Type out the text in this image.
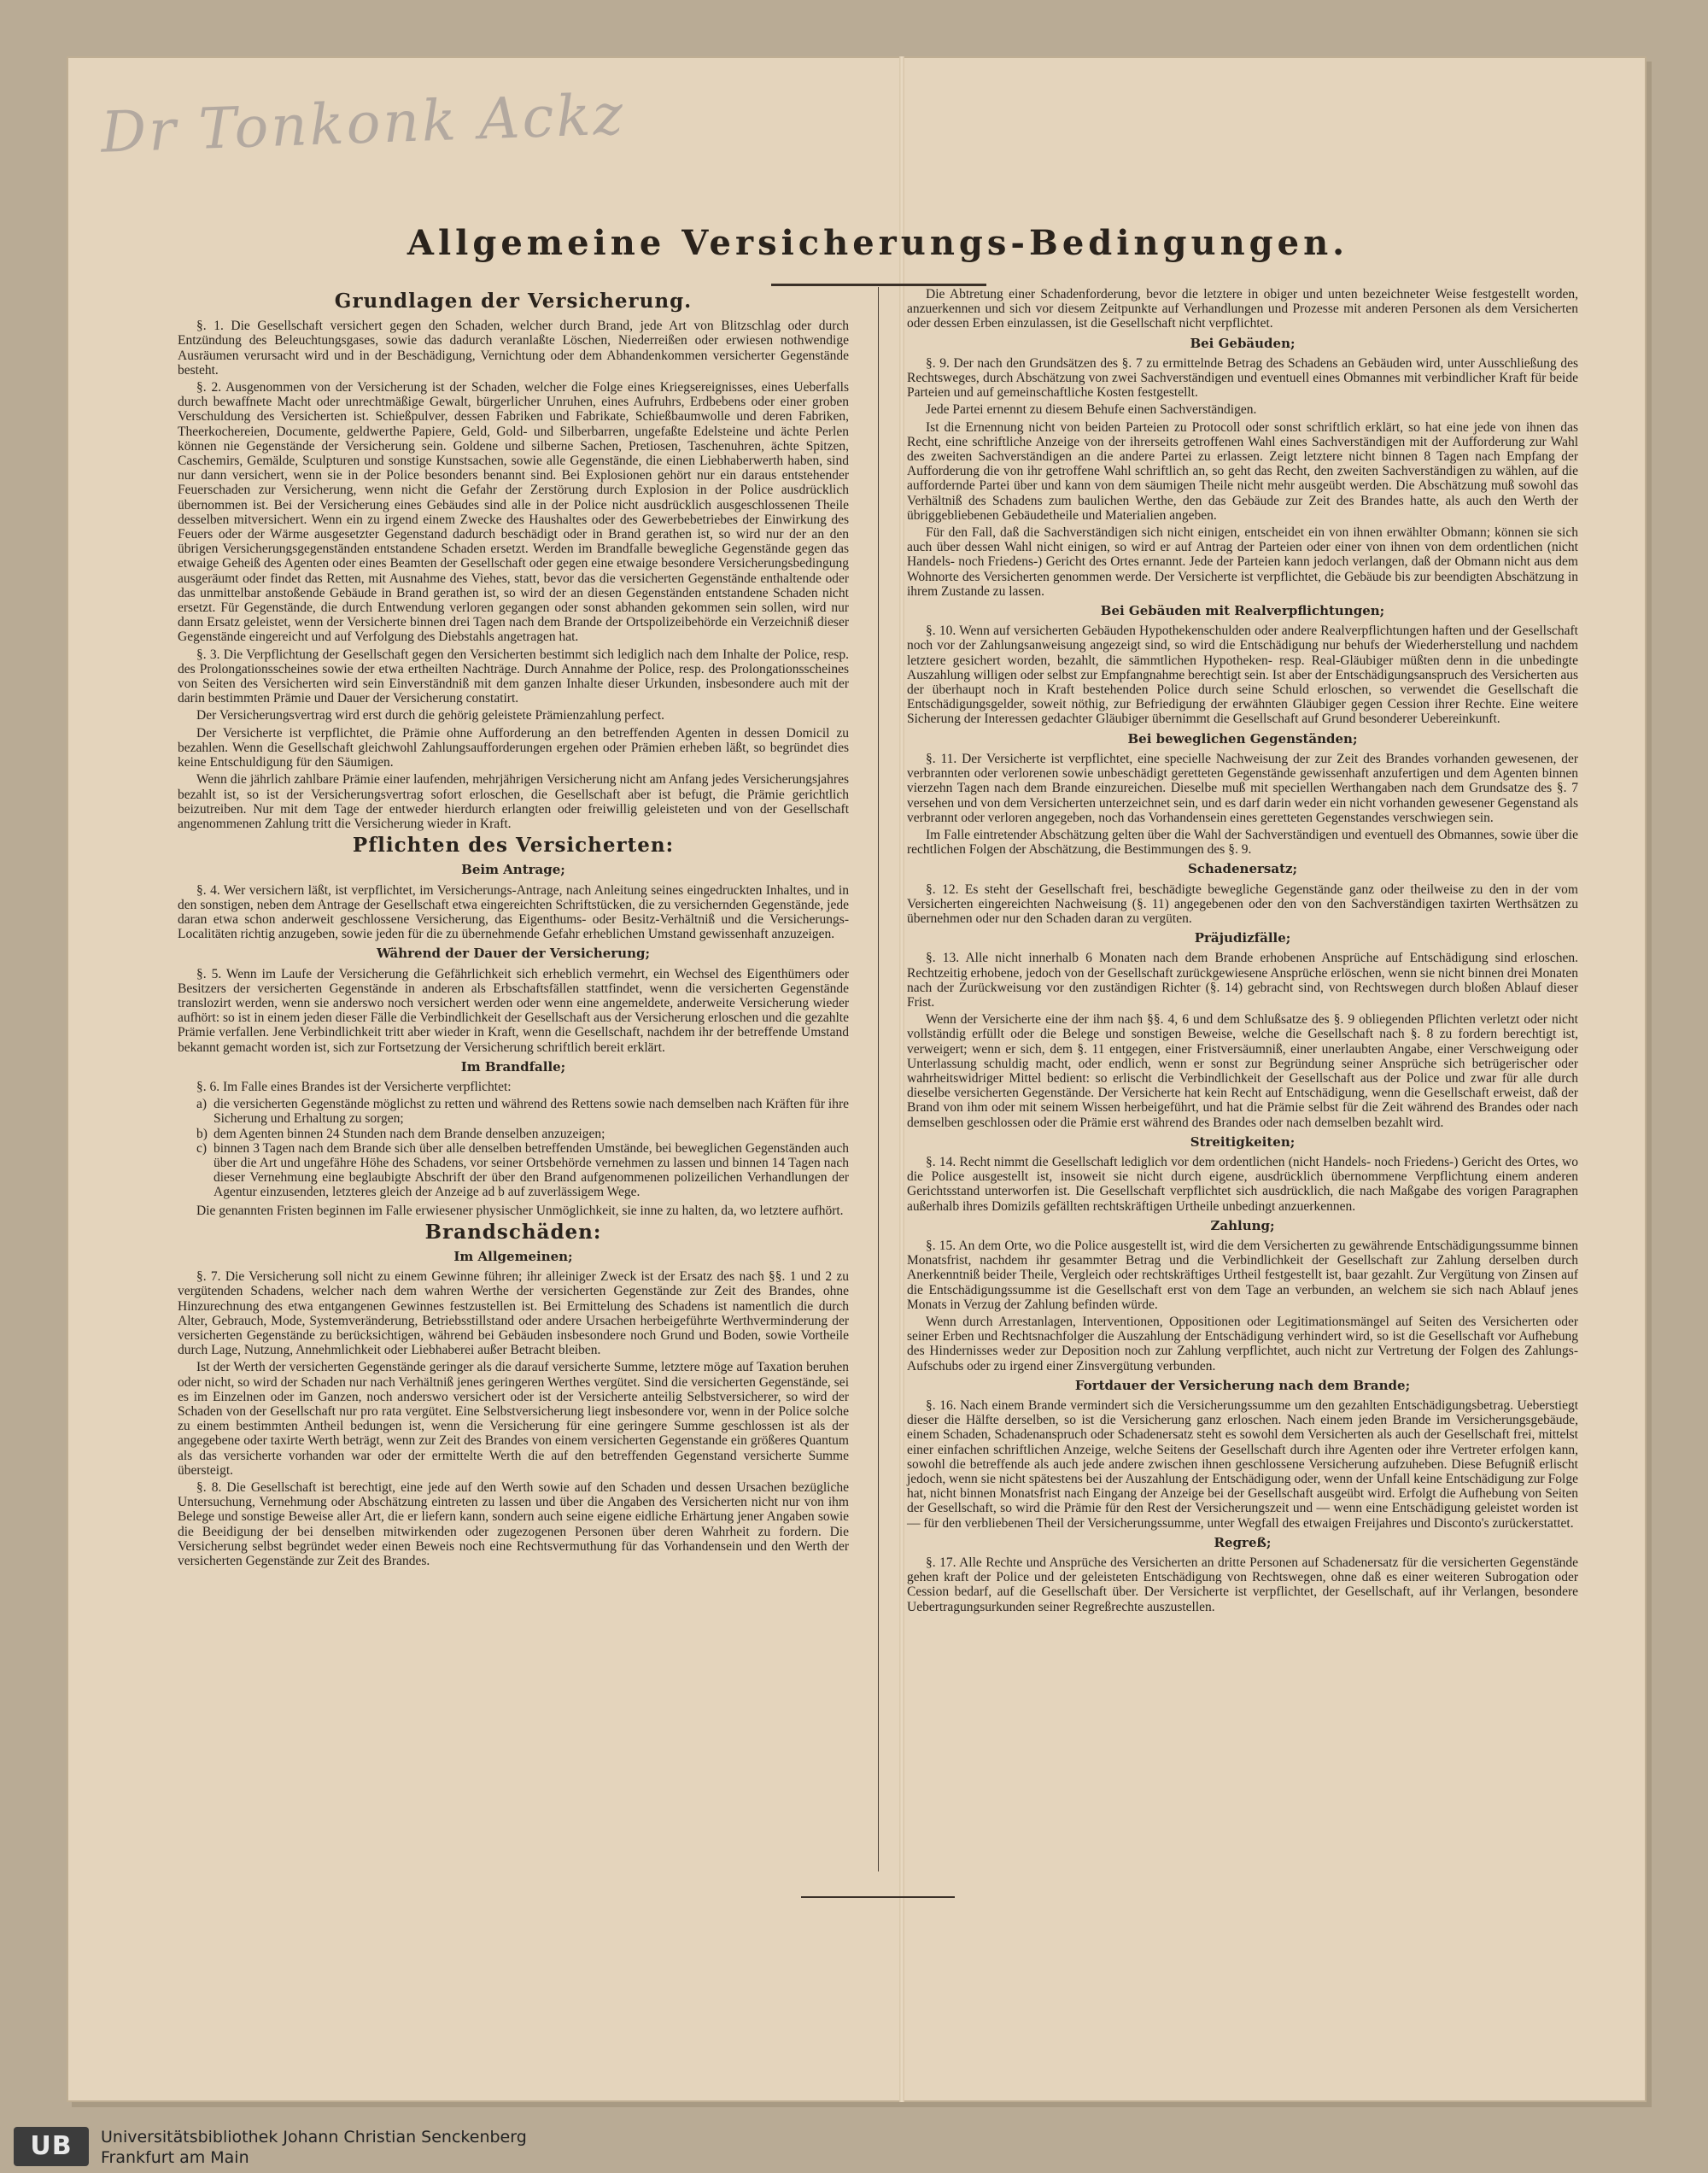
Dr Tonkonk Ackz
Allgemeine Versicherungs-Bedingungen.
Grundlagen der Versicherung.

§. 1. Die Gesellschaft versichert gegen den Schaden, welcher durch Brand, jede Art von Blitzschlag oder durch Entzündung des Beleuchtungsgases, sowie das dadurch veranlaßte Löschen, Niederreißen oder erwiesen nothwendige Ausräumen verursacht wird und in der Beschädigung, Vernichtung oder dem Abhandenkommen versicherter Gegenstände besteht.

§. 2. Ausgenommen von der Versicherung ist der Schaden, welcher die Folge eines Kriegsereignisses, eines Ueberfalls durch bewaffnete Macht oder unrechtmäßige Gewalt, bürgerlicher Unruhen, eines Aufruhrs, Erdbebens oder einer groben Verschuldung des Versicherten ist. Schießpulver, dessen Fabriken und Fabrikate, Schießbaumwolle und deren Fabriken, Theerkochereien, Documente, geldwerthe Papiere, Geld, Gold- und Silberbarren, ungefaßte Edelsteine und ächte Perlen können nie Gegenstände der Versicherung sein. Goldene und silberne Sachen, Pretiosen, Taschenuhren, ächte Spitzen, Caschemirs, Gemälde, Sculpturen und sonstige Kunstsachen, sowie alle Gegenstände, die einen Liebhaberwerth haben, sind nur dann versichert, wenn sie in der Police besonders benannt sind. Bei Explosionen gehört nur ein daraus entstehender Feuerschaden zur Versicherung, wenn nicht die Gefahr der Zerstörung durch Explosion in der Police ausdrücklich übernommen ist. Bei der Versicherung eines Gebäudes sind alle in der Police nicht ausdrücklich ausgeschlossenen Theile desselben mitversichert. Wenn ein zu irgend einem Zwecke des Haushaltes oder des Gewerbebetriebes der Einwirkung des Feuers oder der Wärme ausgesetzter Gegenstand dadurch beschädigt oder in Brand gerathen ist, so wird nur der an den übrigen Versicherungsgegenständen entstandene Schaden ersetzt. Werden im Brandfalle bewegliche Gegenstände gegen das etwaige Geheiß des Agenten oder eines Beamten der Gesellschaft oder gegen eine etwaige besondere Versicherungsbedingung ausgeräumt oder findet das Retten, mit Ausnahme des Viehes, statt, bevor das die versicherten Gegenstände enthaltende oder das unmittelbar anstoßende Gebäude in Brand gerathen ist, so wird der an diesen Gegenständen entstandene Schaden nicht ersetzt. Für Gegenstände, die durch Entwendung verloren gegangen oder sonst abhanden gekommen sein sollen, wird nur dann Ersatz geleistet, wenn der Versicherte binnen drei Tagen nach dem Brande der Ortspolizeibehörde ein Verzeichniß dieser Gegenstände eingereicht und auf Verfolgung des Diebstahls angetragen hat.

§. 3. Die Verpflichtung der Gesellschaft gegen den Versicherten bestimmt sich lediglich nach dem Inhalte der Police, resp. des Prolongationsscheines sowie der etwa ertheilten Nachträge. Durch Annahme der Police, resp. des Prolongationsscheines von Seiten des Versicherten wird sein Einverständniß mit dem ganzen Inhalte dieser Urkunden, insbesondere auch mit der darin bestimmten Prämie und Dauer der Versicherung constatirt.

Der Versicherungsvertrag wird erst durch die gehörig geleistete Prämienzahlung perfect.

Der Versicherte ist verpflichtet, die Prämie ohne Aufforderung an den betreffenden Agenten in dessen Domicil zu bezahlen. Wenn die Gesellschaft gleichwohl Zahlungsaufforderungen ergehen oder Prämien erheben läßt, so begründet dies keine Entschuldigung für den Säumigen.

Wenn die jährlich zahlbare Prämie einer laufenden, mehrjährigen Versicherung nicht am Anfang jedes Versicherungsjahres bezahlt ist, so ist der Versicherungsvertrag sofort erloschen, die Gesellschaft aber ist befugt, die Prämie gerichtlich beizutreiben. Nur mit dem Tage der entweder hierdurch erlangten oder freiwillig geleisteten und von der Gesellschaft angenommenen Zahlung tritt die Versicherung wieder in Kraft.

Pflichten des Versicherten:
Beim Antrage;

§. 4. Wer versichern läßt, ist verpflichtet, im Versicherungs-Antrage, nach Anleitung seines eingedruckten Inhaltes, und in den sonstigen, neben dem Antrage der Gesellschaft etwa eingereichten Schriftstücken, die zu versichernden Gegenstände, jede daran etwa schon anderweit geschlossene Versicherung, das Eigenthums- oder Besitz-Verhältniß und die Versicherungs-Localitäten richtig anzugeben, sowie jeden für die zu übernehmende Gefahr erheblichen Umstand gewissenhaft anzuzeigen.

Während der Dauer der Versicherung;

§. 5. Wenn im Laufe der Versicherung die Gefährlichkeit sich erheblich vermehrt, ein Wechsel des Eigenthümers oder Besitzers der versicherten Gegenstände in anderen als Erbschaftsfällen stattfindet, wenn die versicherten Gegenstände translozirt werden, wenn sie anderswo noch versichert werden oder wenn eine angemeldete, anderweite Versicherung wieder aufhört: so ist in einem jeden dieser Fälle die Verbindlichkeit der Gesellschaft aus der Versicherung erloschen und die gezahlte Prämie verfallen. Jene Verbindlichkeit tritt aber wieder in Kraft, wenn die Gesellschaft, nachdem ihr der betreffende Umstand bekannt gemacht worden ist, sich zur Fortsetzung der Versicherung schriftlich bereit erklärt.

Im Brandfalle;

§. 6. Im Falle eines Brandes ist der Versicherte verpflichtet:

a) die versicherten Gegenstände möglichst zu retten und während des Rettens sowie nach demselben nach Kräften für ihre Sicherung und Erhaltung zu sorgen;
b) dem Agenten binnen 24 Stunden nach dem Brande denselben anzuzeigen;
c) binnen 3 Tagen nach dem Brande sich über alle denselben betreffenden Umstände, bei beweglichen Gegenständen auch über die Art und ungefähre Höhe des Schadens, vor seiner Ortsbehörde vernehmen zu lassen und binnen 14 Tagen nach dieser Vernehmung eine beglaubigte Abschrift der über den Brand aufgenommenen polizeilichen Verhandlungen der Agentur einzusenden, letzteres gleich der Anzeige ad b auf zuverlässigem Wege.

Die genannten Fristen beginnen im Falle erwiesener physischer Unmöglichkeit, sie inne zu halten, da, wo letztere aufhört.

Brandschäden:
Im Allgemeinen;

§. 7. Die Versicherung soll nicht zu einem Gewinne führen; ihr alleiniger Zweck ist der Ersatz des nach §§. 1 und 2 zu vergütenden Schadens, welcher nach dem wahren Werthe der versicherten Gegenstände zur Zeit des Brandes, ohne Hinzurechnung des etwa entgangenen Gewinnes festzustellen ist. Bei Ermittelung des Schadens ist namentlich die durch Alter, Gebrauch, Mode, Systemveränderung, Betriebsstillstand oder andere Ursachen herbeigeführte Werthverminderung der versicherten Gegenstände zu berücksichtigen, während bei Gebäuden insbesondere noch Grund und Boden, sowie Vortheile durch Lage, Nutzung, Annehmlichkeit oder Liebhaberei außer Betracht bleiben.

Ist der Werth der versicherten Gegenstände geringer als die darauf versicherte Summe, letztere möge auf Taxation beruhen oder nicht, so wird der Schaden nur nach Verhältniß jenes geringeren Werthes vergütet. Sind die versicherten Gegenstände, sei es im Einzelnen oder im Ganzen, noch anderswo versichert oder ist der Versicherte anteilig Selbstversicherer, so wird der Schaden von der Gesellschaft nur pro rata vergütet. Eine Selbstversicherung liegt insbesondere vor, wenn in der Police solche zu einem bestimmten Antheil bedungen ist, wenn die Versicherung für eine geringere Summe geschlossen ist als der angegebene oder taxirte Werth beträgt, wenn zur Zeit des Brandes von einem versicherten Gegenstande ein größeres Quantum als das versicherte vorhanden war oder der ermittelte Werth die auf den betreffenden Gegenstand versicherte Summe übersteigt.

§. 8. Die Gesellschaft ist berechtigt, eine jede auf den Werth sowie auf den Schaden und dessen Ursachen bezügliche Untersuchung, Vernehmung oder Abschätzung eintreten zu lassen und über die Angaben des Versicherten nicht nur von ihm Belege und sonstige Beweise aller Art, die er liefern kann, sondern auch seine eigene eidliche Erhärtung jener Angaben sowie die Beeidigung der bei denselben mitwirkenden oder zugezogenen Personen über deren Wahrheit zu fordern. Die Versicherung selbst begründet weder einen Beweis noch eine Rechtsvermuthung für das Vorhandensein und den Werth der versicherten Gegenstände zur Zeit des Brandes.

Die Abtretung einer Schadenforderung, bevor die letztere in obiger und unten bezeichneter Weise festgestellt worden, anzuerkennen und sich vor diesem Zeitpunkte auf Verhandlungen und Prozesse mit anderen Personen als dem Versicherten oder dessen Erben einzulassen, ist die Gesellschaft nicht verpflichtet.

Bei Gebäuden;

§. 9. Der nach den Grundsätzen des §. 7 zu ermittelnde Betrag des Schadens an Gebäuden wird, unter Ausschließung des Rechtsweges, durch Abschätzung von zwei Sachverständigen und eventuell eines Obmannes mit verbindlicher Kraft für beide Parteien und auf gemeinschaftliche Kosten festgestellt.

Jede Partei ernennt zu diesem Behufe einen Sachverständigen.

Ist die Ernennung nicht von beiden Parteien zu Protocoll oder sonst schriftlich erklärt, so hat eine jede von ihnen das Recht, eine schriftliche Anzeige von der ihrerseits getroffenen Wahl eines Sachverständigen mit der Aufforderung zur Wahl des zweiten Sachverständigen an die andere Partei zu erlassen. Zeigt letztere nicht binnen 8 Tagen nach Empfang der Aufforderung die von ihr getroffene Wahl schriftlich an, so geht das Recht, den zweiten Sachverständigen zu wählen, auf die auffordernde Partei über und kann von dem säumigen Theile nicht mehr ausgeübt werden. Die Abschätzung muß sowohl das Verhältniß des Schadens zum baulichen Werthe, den das Gebäude zur Zeit des Brandes hatte, als auch den Werth der übriggebliebenen Gebäudetheile und Materialien angeben.

Für den Fall, daß die Sachverständigen sich nicht einigen, entscheidet ein von ihnen erwählter Obmann; können sie sich auch über dessen Wahl nicht einigen, so wird er auf Antrag der Parteien oder einer von ihnen von dem ordentlichen (nicht Handels- noch Friedens-) Gericht des Ortes ernannt. Jede der Parteien kann jedoch verlangen, daß der Obmann nicht aus dem Wohnorte des Versicherten genommen werde. Der Versicherte ist verpflichtet, die Gebäude bis zur beendigten Abschätzung in ihrem Zustande zu lassen.

Bei Gebäuden mit Realverpflichtungen;

§. 10. Wenn auf versicherten Gebäuden Hypothekenschulden oder andere Realverpflichtungen haften und der Gesellschaft noch vor der Zahlungsanweisung angezeigt sind, so wird die Entschädigung nur behufs der Wiederherstellung und nachdem letztere gesichert worden, bezahlt, die sämmtlichen Hypotheken- resp. Real-Gläubiger müßten denn in die unbedingte Auszahlung willigen oder selbst zur Empfangnahme berechtigt sein. Ist aber der Entschädigungsanspruch des Versicherten aus der überhaupt noch in Kraft bestehenden Police durch seine Schuld erloschen, so verwendet die Gesellschaft die Entschädigungsgelder, soweit nöthig, zur Befriedigung der erwähnten Gläubiger gegen Cession ihrer Rechte. Eine weitere Sicherung der Interessen gedachter Gläubiger übernimmt die Gesellschaft auf Grund besonderer Uebereinkunft.

Bei beweglichen Gegenständen;

§. 11. Der Versicherte ist verpflichtet, eine specielle Nachweisung der zur Zeit des Brandes vorhanden gewesenen, der verbrannten oder verlorenen sowie unbeschädigt geretteten Gegenstände gewissenhaft anzufertigen und dem Agenten binnen vierzehn Tagen nach dem Brande einzureichen. Dieselbe muß mit speciellen Werthangaben nach dem Grundsatze des §. 7 versehen und von dem Versicherten unterzeichnet sein, und es darf darin weder ein nicht vorhanden gewesener Gegenstand als verbrannt oder verloren angegeben, noch das Vorhandensein eines geretteten Gegenstandes verschwiegen sein.

Im Falle eintretender Abschätzung gelten über die Wahl der Sachverständigen und eventuell des Obmannes, sowie über die rechtlichen Folgen der Abschätzung, die Bestimmungen des §. 9.

Schadenersatz;

§. 12. Es steht der Gesellschaft frei, beschädigte bewegliche Gegenstände ganz oder theilweise zu den in der vom Versicherten eingereichten Nachweisung (§. 11) angegebenen oder den von den Sachverständigen taxirten Werthsätzen zu übernehmen oder nur den Schaden daran zu vergüten.

Präjudizfälle;

§. 13. Alle nicht innerhalb 6 Monaten nach dem Brande erhobenen Ansprüche auf Entschädigung sind erloschen. Rechtzeitig erhobene, jedoch von der Gesellschaft zurückgewiesene Ansprüche erlöschen, wenn sie nicht binnen drei Monaten nach der Zurückweisung vor den zuständigen Richter (§. 14) gebracht sind, von Rechtswegen durch bloßen Ablauf dieser Frist.

Wenn der Versicherte eine der ihm nach §§. 4, 6 und dem Schlußsatze des §. 9 obliegenden Pflichten verletzt oder nicht vollständig erfüllt oder die Belege und sonstigen Beweise, welche die Gesellschaft nach §. 8 zu fordern berechtigt ist, verweigert; wenn er sich, dem §. 11 entgegen, einer Fristversäumniß, einer unerlaubten Angabe, einer Verschweigung oder Unterlassung schuldig macht, oder endlich, wenn er sonst zur Begründung seiner Ansprüche sich betrügerischer oder wahrheitswidriger Mittel bedient: so erlischt die Verbindlichkeit der Gesellschaft aus der Police und zwar für alle durch dieselbe versicherten Gegenstände. Der Versicherte hat kein Recht auf Entschädigung, wenn die Gesellschaft erweist, daß der Brand von ihm oder mit seinem Wissen herbeigeführt, und hat die Prämie selbst für die Zeit während des Brandes oder nach demselben geschlossen oder die Prämie erst während des Brandes oder nach demselben bezahlt wird.

Streitigkeiten;

§. 14. Recht nimmt die Gesellschaft lediglich vor dem ordentlichen (nicht Handels- noch Friedens-) Gericht des Ortes, wo die Police ausgestellt ist, insoweit sie nicht durch eigene, ausdrücklich übernommene Verpflichtung einem anderen Gerichtsstand unterworfen ist. Die Gesellschaft verpflichtet sich ausdrücklich, die nach Maßgabe des vorigen Paragraphen außerhalb ihres Domizils gefällten rechtskräftigen Urtheile unbedingt anzuerkennen.

Zahlung;

§. 15. An dem Orte, wo die Police ausgestellt ist, wird die dem Versicherten zu gewährende Entschädigungssumme binnen Monatsfrist, nachdem ihr gesammter Betrag und die Verbindlichkeit der Gesellschaft zur Zahlung derselben durch Anerkenntniß beider Theile, Vergleich oder rechtskräftiges Urtheil festgestellt ist, baar gezahlt. Zur Vergütung von Zinsen auf die Entschädigungssumme ist die Gesellschaft erst von dem Tage an verbunden, an welchem sie sich nach Ablauf jenes Monats in Verzug der Zahlung befinden würde.

Wenn durch Arrestanlagen, Interventionen, Oppositionen oder Legitimationsmängel auf Seiten des Versicherten oder seiner Erben und Rechtsnachfolger die Auszahlung der Entschädigung verhindert wird, so ist die Gesellschaft vor Aufhebung des Hindernisses weder zur Deposition noch zur Zahlung verpflichtet, auch nicht zur Vertretung der Folgen des Zahlungs-Aufschubs oder zu irgend einer Zinsvergütung verbunden.

Fortdauer der Versicherung nach dem Brande;

§. 16. Nach einem Brande vermindert sich die Versicherungssumme um den gezahlten Entschädigungsbetrag. Ueberstiegt dieser die Hälfte derselben, so ist die Versicherung ganz erloschen. Nach einem jeden Brande im Versicherungsgebäude, einem Schaden, Schadenanspruch oder Schadenersatz steht es sowohl dem Versicherten als auch der Gesellschaft frei, mittelst einer einfachen schriftlichen Anzeige, welche Seitens der Gesellschaft durch ihre Agenten oder ihre Vertreter erfolgen kann, sowohl die betreffende als auch jede andere zwischen ihnen geschlossene Versicherung aufzuheben. Diese Befugniß erlischt jedoch, wenn sie nicht spätestens bei der Auszahlung der Entschädigung oder, wenn der Unfall keine Entschädigung zur Folge hat, nicht binnen Monatsfrist nach Eingang der Anzeige bei der Gesellschaft ausgeübt wird. Erfolgt die Aufhebung von Seiten der Gesellschaft, so wird die Prämie für den Rest der Versicherungszeit und — wenn eine Entschädigung geleistet worden ist — für den verbliebenen Theil der Versicherungssumme, unter Wegfall des etwaigen Freijahres und Disconto's zurückerstattet.

Regreß;

§. 17. Alle Rechte und Ansprüche des Versicherten an dritte Personen auf Schadenersatz für die versicherten Gegenstände gehen kraft der Police und der geleisteten Entschädigung von Rechtswegen, ohne daß es einer weiteren Subrogation oder Cession bedarf, auf die Gesellschaft über. Der Versicherte ist verpflichtet, der Gesellschaft, auf ihr Verlangen, besondere Uebertragungsurkunden seiner Regreßrechte auszustellen.

UB	Universitätsbibliothek Johann Christian Senckenberg
Frankfurt am Main
